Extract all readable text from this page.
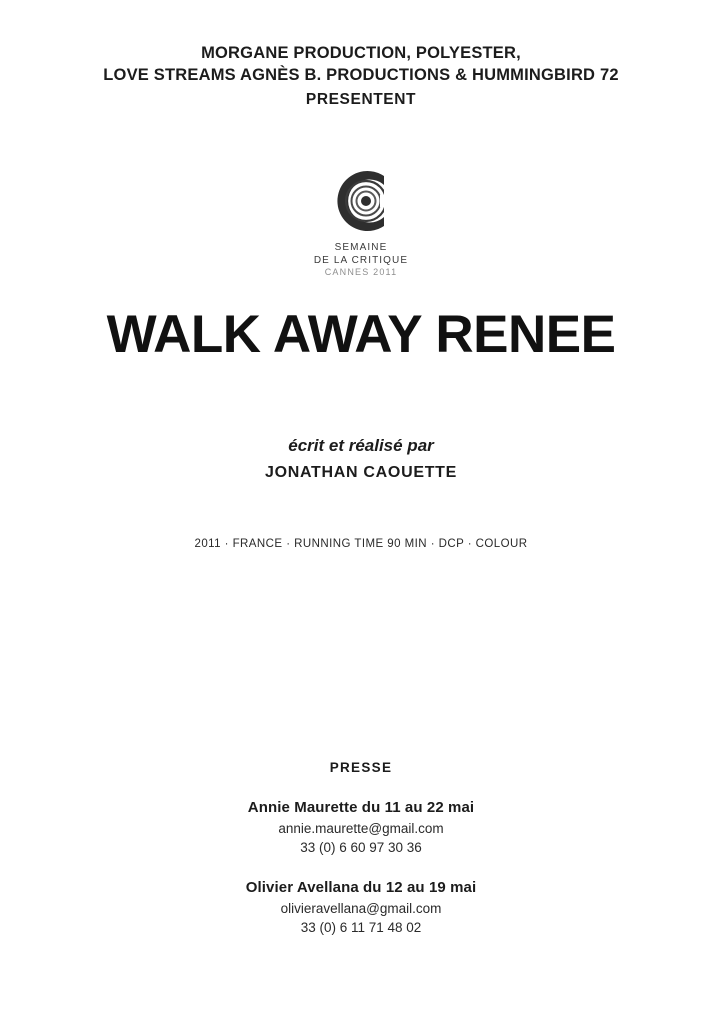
MORGANE PRODUCTION, POLYESTER,
LOVE STREAMS AGNÈS B. PRODUCTIONS & HUMMINGBIRD 72
PRESENTENT
SEMAINE
DE LA CRITIQUE
CANNES 2011
WALK AWAY RENEE
écrit et réalisé par
JONATHAN CAOUETTE
2011 · FRANCE · RUNNING TIME 90 MIN · DCP · COLOUR
PRESSE
Annie Maurette du 11 au 22 mai
annie.maurette@gmail.com
33 (0) 6 60 97 30 36
Olivier Avellana du 12 au 19 mai
olivieravellana@gmail.com
33 (0) 6 11 71 48 02
